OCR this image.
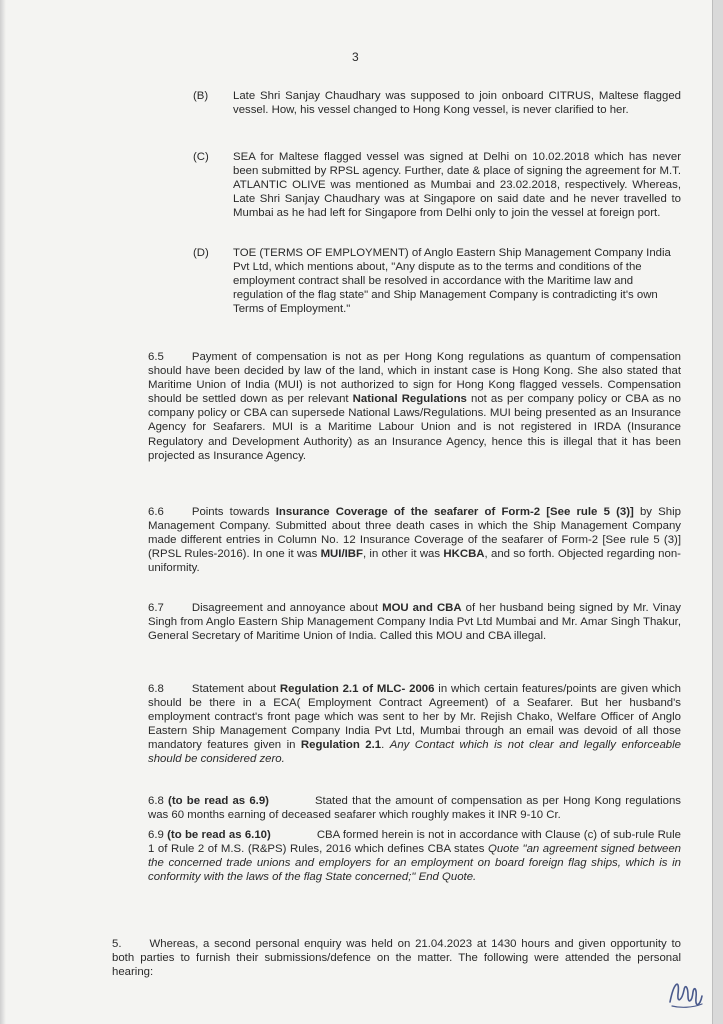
3
(B) Late Shri Sanjay Chaudhary was supposed to join onboard CITRUS, Maltese flagged vessel. How, his vessel changed to Hong Kong vessel, is never clarified to her.
(C) SEA for Maltese flagged vessel was signed at Delhi on 10.02.2018 which has never been submitted by RPSL agency. Further, date & place of signing the agreement for M.T. ATLANTIC OLIVE was mentioned as Mumbai and 23.02.2018, respectively. Whereas, Late Shri Sanjay Chaudhary was at Singapore on said date and he never travelled to Mumbai as he had left for Singapore from Delhi only to join the vessel at foreign port.
(D) TOE (TERMS OF EMPLOYMENT) of Anglo Eastern Ship Management Company India Pvt Ltd, which mentions about, "Any dispute as to the terms and conditions of the employment contract shall be resolved in accordance with the Maritime law and regulation of the flag state" and Ship Management Company is contradicting it's own Terms of Employment."
6.5 Payment of compensation is not as per Hong Kong regulations as quantum of compensation should have been decided by law of the land, which in instant case is Hong Kong. She also stated that Maritime Union of India (MUI) is not authorized to sign for Hong Kong flagged vessels. Compensation should be settled down as per relevant National Regulations not as per company policy or CBA as no company policy or CBA can supersede National Laws/Regulations. MUI being presented as an Insurance Agency for Seafarers. MUI is a Maritime Labour Union and is not registered in IRDA (Insurance Regulatory and Development Authority) as an Insurance Agency, hence this is illegal that it has been projected as Insurance Agency.
6.6 Points towards Insurance Coverage of the seafarer of Form-2 [See rule 5 (3)] by Ship Management Company. Submitted about three death cases in which the Ship Management Company made different entries in Column No. 12 Insurance Coverage of the seafarer of Form-2 [See rule 5 (3)](RPSL Rules-2016). In one it was MUI/IBF, in other it was HKCBA, and so forth. Objected regarding non-uniformity.
6.7 Disagreement and annoyance about MOU and CBA of her husband being signed by Mr. Vinay Singh from Anglo Eastern Ship Management Company India Pvt Ltd Mumbai and Mr. Amar Singh Thakur, General Secretary of Maritime Union of India. Called this MOU and CBA illegal.
6.8 Statement about Regulation 2.1 of MLC- 2006 in which certain features/points are given which should be there in a ECA( Employment Contract Agreement) of a Seafarer. But her husband's employment contract's front page which was sent to her by Mr. Rejish Chako, Welfare Officer of Anglo Eastern Ship Management Company India Pvt Ltd, Mumbai through an email was devoid of all those mandatory features given in Regulation 2.1. Any Contact which is not clear and legally enforceable should be considered zero.
6.8 (to be read as 6.9)	Stated that the amount of compensation as per Hong Kong regulations was 60 months earning of deceased seafarer which roughly makes it INR 9-10 Cr.
6.9 (to be read as 6.10)	CBA formed herein is not in accordance with Clause (c) of sub-rule Rule 1 of Rule 2 of M.S. (R&PS) Rules, 2016 which defines CBA states Quote "an agreement signed between the concerned trade unions and employers for an employment on board foreign flag ships, which is in conformity with the laws of the flag State concerned;" End Quote.
5. Whereas, a second personal enquiry was held on 21.04.2023 at 1430 hours and given opportunity to both parties to furnish their submissions/defence on the matter. The following were attended the personal hearing:
